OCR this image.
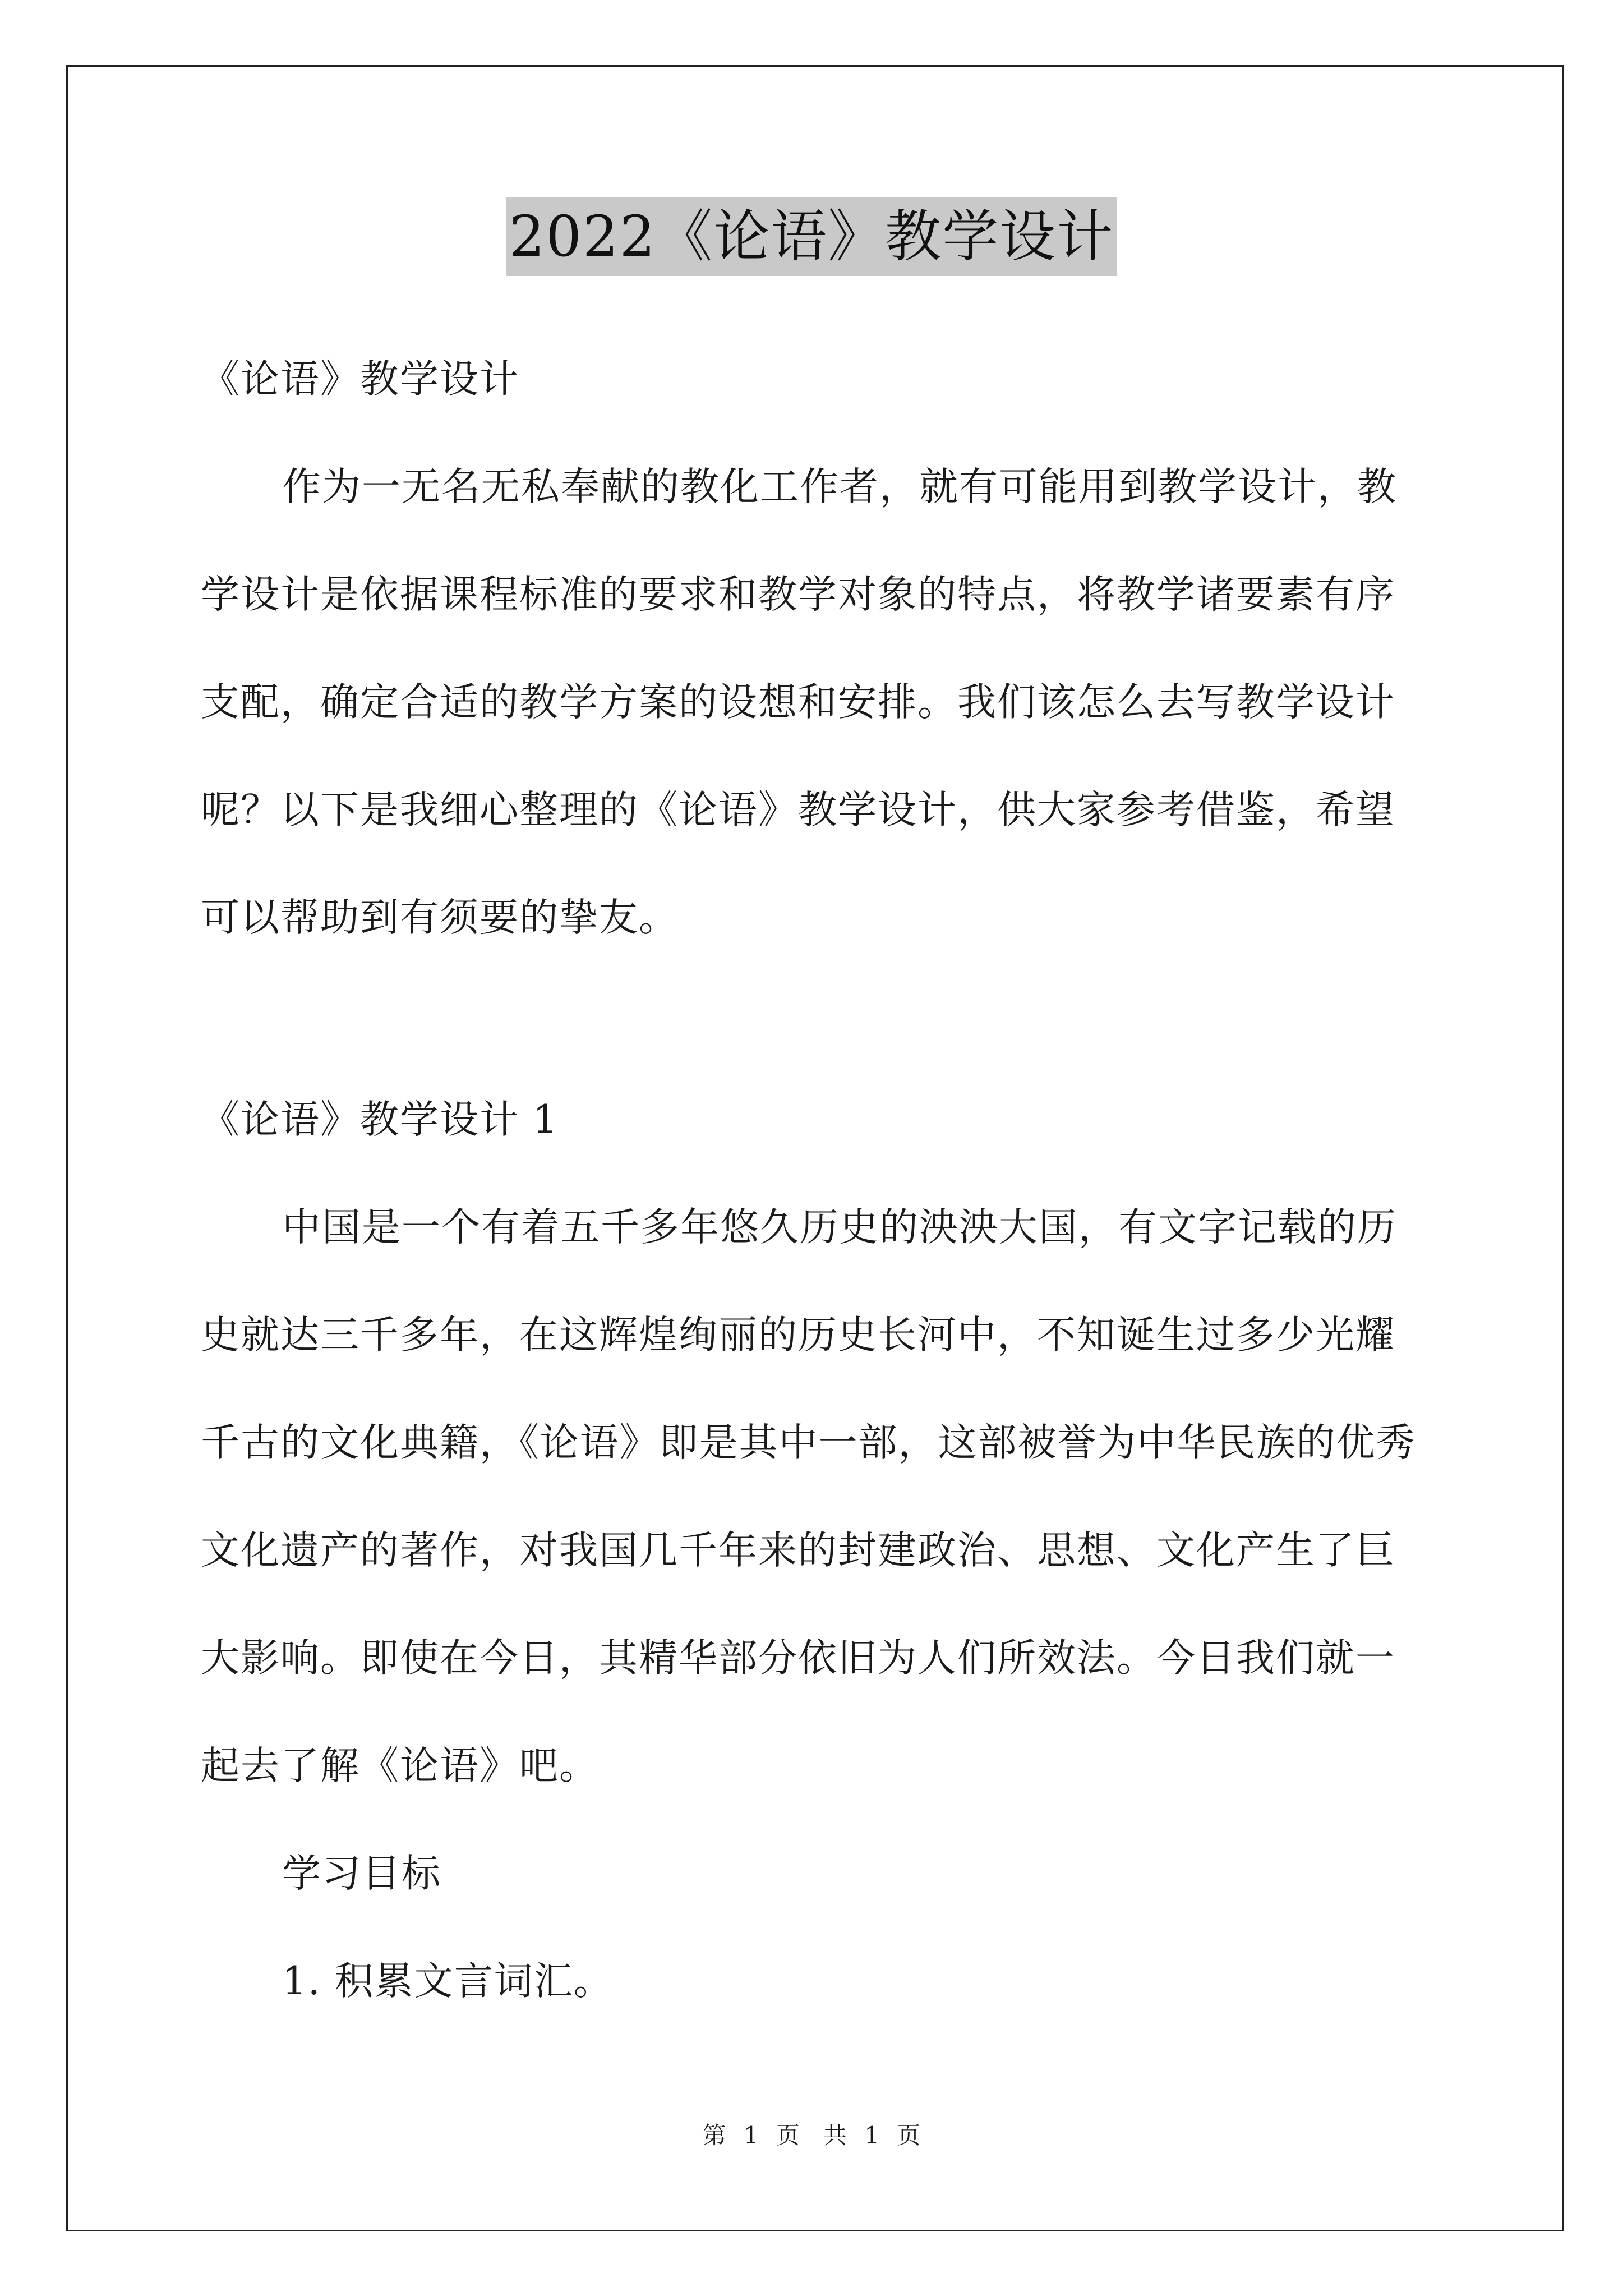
2022《论语》教学设计

《论语》教学设计

作为一无名无私奉献的教化工作者，就有可能用到教学设计，教学设计是依据课程标准的要求和教学对象的特点，将教学诸要素有序支配，确定合适的教学方案的设想和安排。我们该怎么去写教学设计呢？以下是我细心整理的《论语》教学设计，供大家参考借鉴，希望可以帮助到有须要的挚友。

《论语》教学设计 1

中国是一个有着五千多年悠久历史的泱泱大国，有文字记载的历史就达三千多年，在这辉煌绚丽的历史长河中，不知诞生过多少光耀千古的文化典籍，《论语》即是其中一部，这部被誉为中华民族的优秀文化遗产的著作，对我国几千年来的封建政治、思想、文化产生了巨大影响。即使在今日，其精华部分依旧为人们所效法。今日我们就一起去了解《论语》吧。

学习目标

1. 积累文言词汇。

第 1 页　共 1 页
